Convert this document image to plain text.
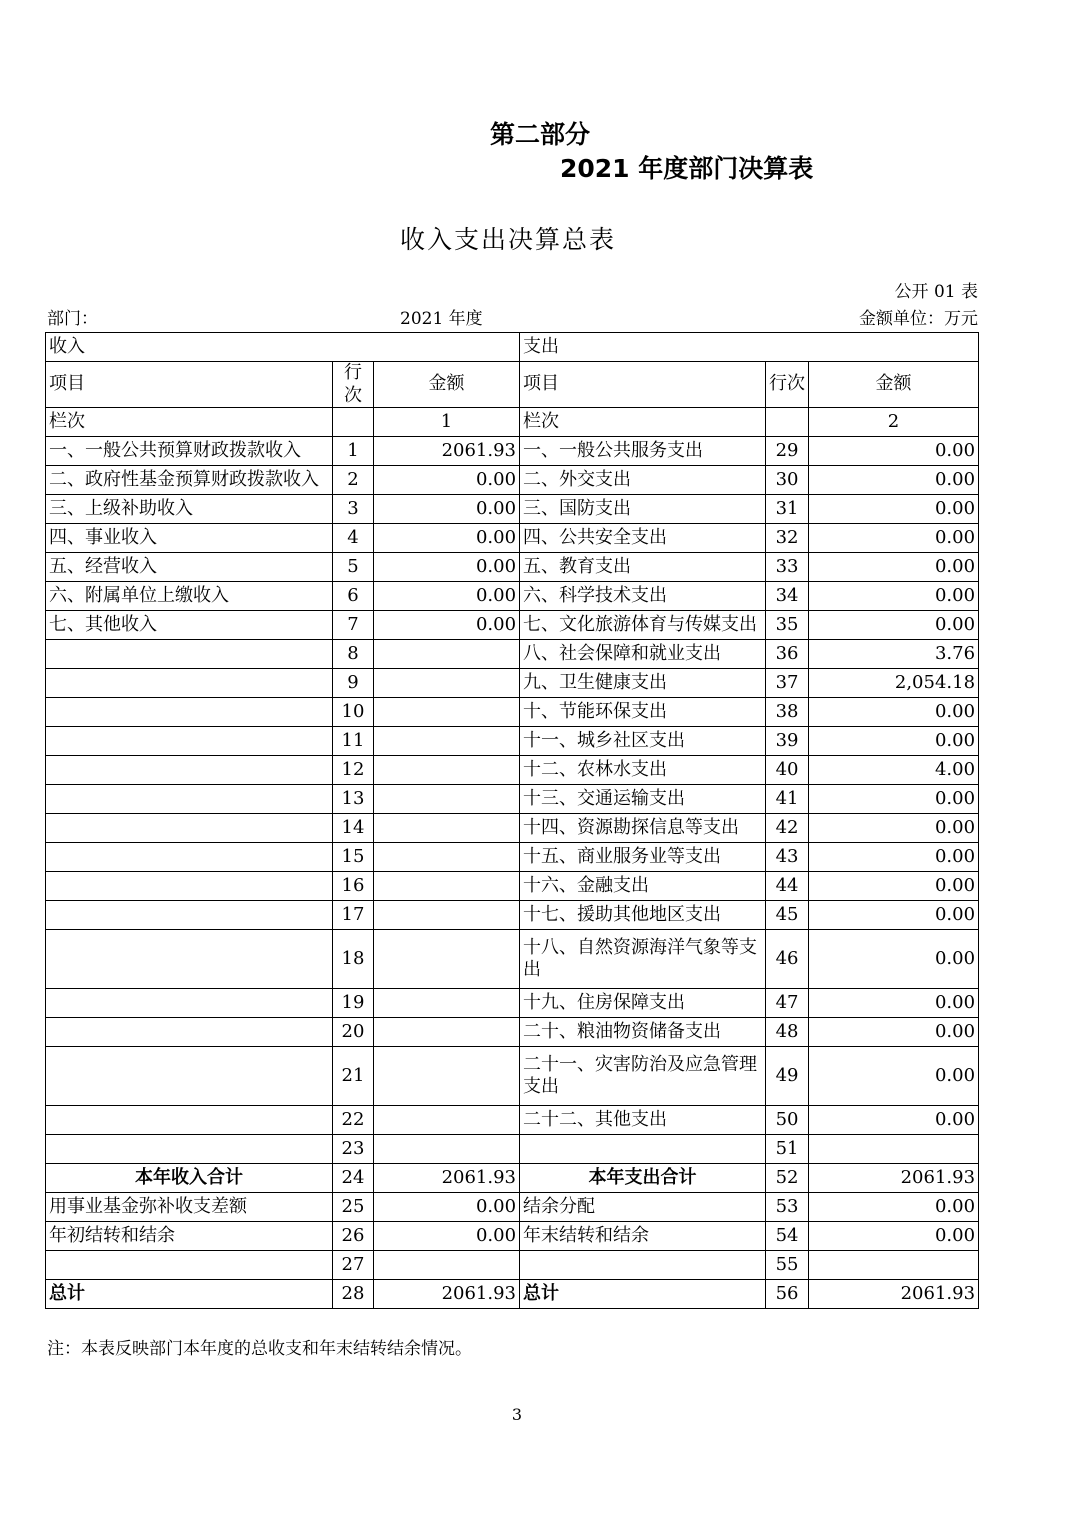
第二部分
2021 年度部门决算表
收入支出决算总表
公开 01 表
部门：	2021 年度	金额单位：万元
收入			支出		
项目	行次	金额	项目	行次	金额
栏次		1	栏次		2
一、一般公共预算财政拨款收入	1	2061.93	一、一般公共服务支出	29	0.00
二、政府性基金预算财政拨款收入	2	0.00	二、外交支出	30	0.00
三、上级补助收入	3	0.00	三、国防支出	31	0.00
四、事业收入	4	0.00	四、公共安全支出	32	0.00
五、经营收入	5	0.00	五、教育支出	33	0.00
六、附属单位上缴收入	6	0.00	六、科学技术支出	34	0.00
七、其他收入	7	0.00	七、文化旅游体育与传媒支出	35	0.00
	8		八、社会保障和就业支出	36	3.76
	9		九、卫生健康支出	37	2,054.18
	10		十、节能环保支出	38	0.00
	11		十一、城乡社区支出	39	0.00
	12		十二、农林水支出	40	4.00
	13		十三、交通运输支出	41	0.00
	14		十四、资源勘探信息等支出	42	0.00
	15		十五、商业服务业等支出	43	0.00
	16		十六、金融支出	44	0.00
	17		十七、援助其他地区支出	45	0.00
	18		十八、自然资源海洋气象等支出	46	0.00
	19		十九、住房保障支出	47	0.00
	20		二十、粮油物资储备支出	48	0.00
	21		二十一、灾害防治及应急管理支出	49	0.00
	22		二十二、其他支出	50	0.00
	23			51	
本年收入合计	24	2061.93	本年支出合计	52	2061.93
用事业基金弥补收支差额	25	0.00	结余分配	53	0.00
年初结转和结余	26	0.00	年末结转和结余	54	0.00
	27			55	
总计	28	2061.93	总计	56	2061.93
注：本表反映部门本年度的总收支和年末结转结余情况。
3
